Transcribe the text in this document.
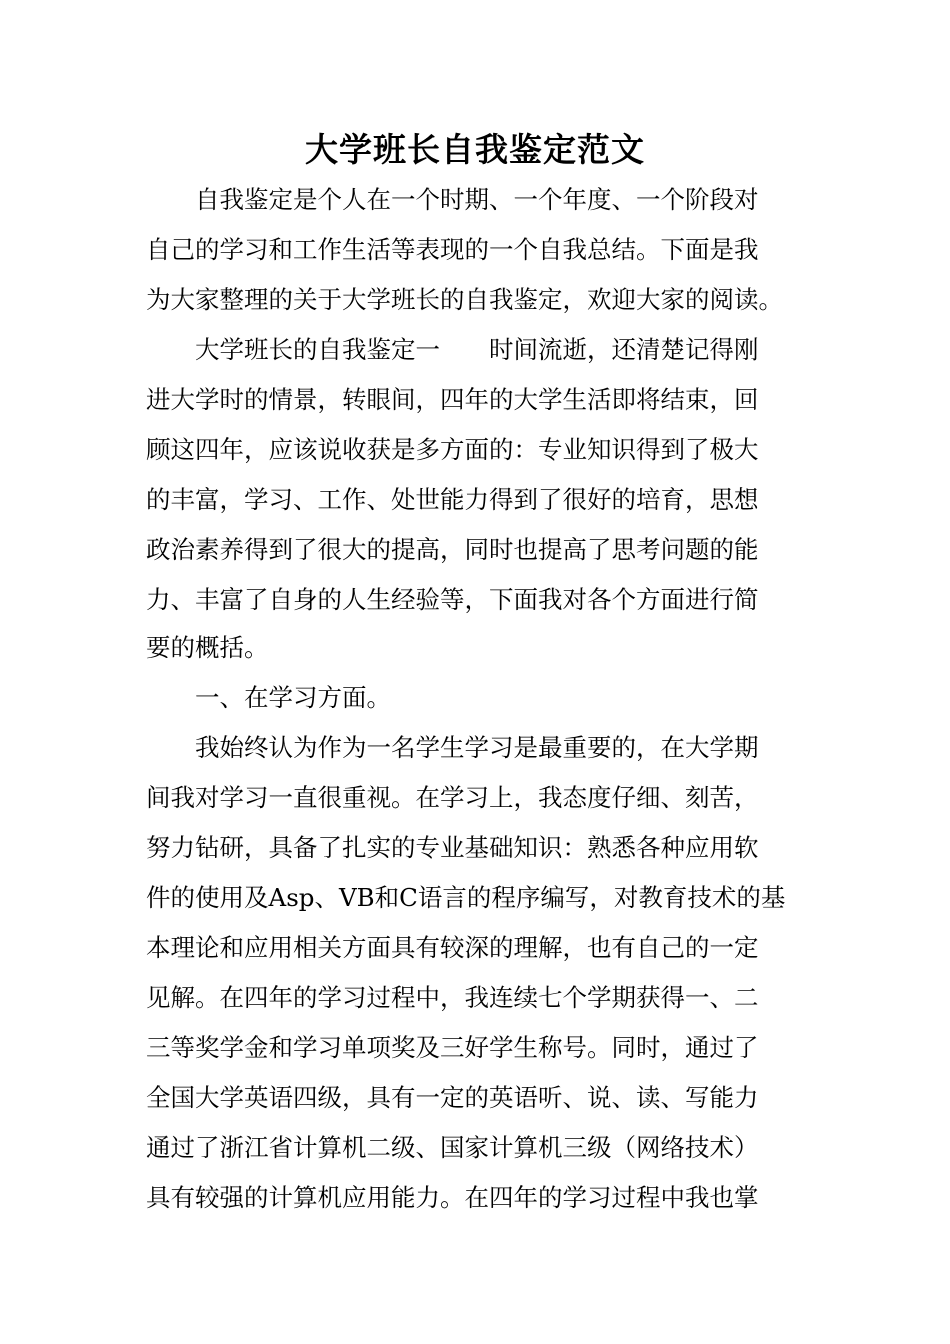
大学班长自我鉴定范文
　　自我鉴定是个人在一个时期、一个年度、一个阶段对
自己的学习和工作生活等表现的一个自我总结。下面是我
为大家整理的关于大学班长的自我鉴定，欢迎大家的阅读。
　　大学班长的自我鉴定一　　时间流逝，还清楚记得刚
进大学时的情景，转眼间，四年的大学生活即将结束，回
顾这四年，应该说收获是多方面的：专业知识得到了极大
的丰富，学习、工作、处世能力得到了很好的培育，思想
政治素养得到了很大的提高，同时也提高了思考问题的能
力、丰富了自身的人生经验等，下面我对各个方面进行简
要的概括。
　　一、在学习方面。
　　我始终认为作为一名学生学习是最重要的，在大学期
间我对学习一直很重视。在学习上，我态度仔细、刻苦，
努力钻研，具备了扎实的专业基础知识：熟悉各种应用软
件的使用及Asp、VB和C语言的程序编写，对教育技术的基
本理论和应用相关方面具有较深的理解，也有自己的一定
见解。在四年的学习过程中，我连续七个学期获得一、二
三等奖学金和学习单项奖及三好学生称号。同时，通过了
全国大学英语四级，具有一定的英语听、说、读、写能力
通过了浙江省计算机二级、国家计算机三级（网络技术）
具有较强的计算机应用能力。在四年的学习过程中我也掌
